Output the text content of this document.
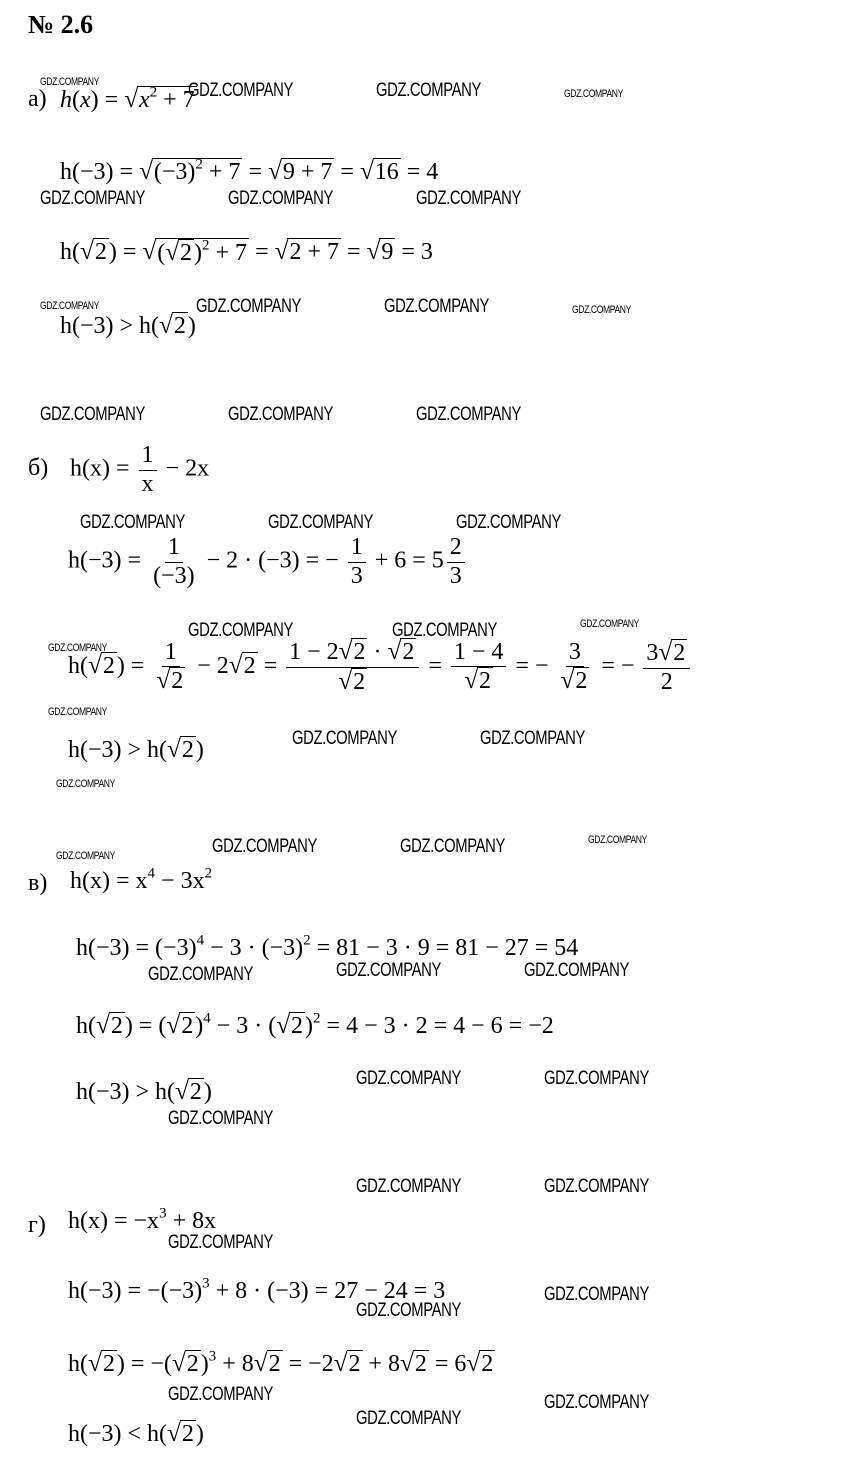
№ 2.6
а) h(x) = √ $x^2 + 7$
h(−3) = √ $(-3)^2 + 7$ = √ 9 + 7 = √ 16 = 4
h( √ 2 ) = √ ( √ 2 )$^2$ + 7 = √ 2 + 7 = √ 9 = 3
h(−3) > h( √ 2 )
б) $h(x) = \frac{1}{x} - 2x$
$h(-3) = \frac{1}{(-3)} - 2 \cdot (-3)$ = − $\frac{1}{3} + 6 = 5 \frac{2}{3}$
h( √ 2 ) = $\frac{1}{√ 2} - 2$ √ $2 = \frac{1 - 2 √ 2 \cdot √ 2}{√ 2} = \frac{1 - 4}{√ 2}$ = − $\frac{3}{√ 2}$ = − $\frac{3 √ 2}{2}$
h(−3) > h( √ 2 )
в) $h(x) = x^4 - 3x^2$
$h(-3) = (-3)^4 - 3 \cdot (-3)^2 = 81 - 3 \cdot 9 = 81 - 27 = 54$
h( √ 2 ) = ( √ 2 )$^4$ − 3 · ( √ 2 )$^2$ = 4 − 3 · 2 = 4 − 6 = −2
h(−3) > h( √ 2 )
г) $h(x) = -x^3 + 8x$
$h(-3) = -(-3)^3 + 8 \cdot (-3) = 27 - 24 = 3$
h( √ 2 ) = −( √ 2 )$^3$ + 8 √ 2 = −2 √ 2 + 8 √ 2 = 6 √ 2
h(−3) < h( √ 2 )
GDZ.COMPANY	GDZ.COMPANY	GDZ.COMPANY	GDZ.COMPANY
GDZ.COMPANY	GDZ.COMPANY	GDZ.COMPANY
GDZ.COMPANY	GDZ.COMPANY	GDZ.COMPANY	GDZ.COMPANY
GDZ.COMPANY	GDZ.COMPANY	GDZ.COMPANY
GDZ.COMPANY	GDZ.COMPANY	GDZ.COMPANY
GDZ.COMPANY	GDZ.COMPANY	GDZ.COMPANY
GDZ.COMPANY
GDZ.COMPANY
GDZ.COMPANY	GDZ.COMPANY
GDZ.COMPANY
GDZ.COMPANY	GDZ.COMPANY	GDZ.COMPANY
GDZ.COMPANY
GDZ.COMPANY	GDZ.COMPANY	GDZ.COMPANY
GDZ.COMPANY	GDZ.COMPANY
GDZ.COMPANY
GDZ.COMPANY	GDZ.COMPANY
GDZ.COMPANY
GDZ.COMPANY
GDZ.COMPANY
GDZ.COMPANY	GDZ.COMPANY
GDZ.COMPANY
